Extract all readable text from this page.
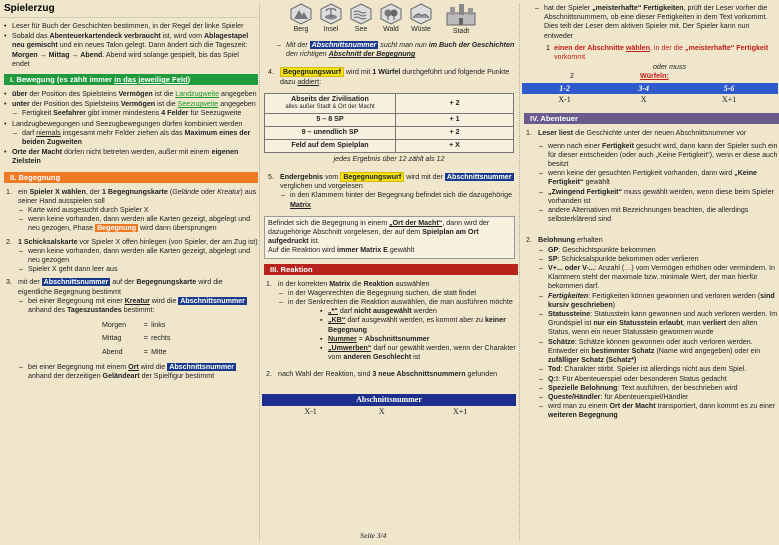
Spielerzug
• Leser für Buch der Geschichten bestimmen, in der Regel der linke Spieler
• Sobald das Abenteuerkartendeck verbraucht ist, wird vom Ablagestapel neu gemischt und ein neues Talon gelegt. Dann ändert sich die Tageszeit: Morgen → Mittag → Abend. Abend wird solange gespielt, bis das Spiel endet
I. Bewegung (es zählt immer in das jeweilige Feld)
• über der Position des Spielsteins Vermögen ist die Landzugweite angegeben
• unter der Position des Spielsteins Vermögen ist die Seezugweite angegeben
– Fertigkeit Seefahrer gibt immer mindestens 4 Felder für Seezugweite
• Landzugbewegungen und Seezugbewegungen dürfen kombiniert werden
– darf niemals insgesamt mehr Felder ziehen als das Maximum eines der beiden Zugweiten
• Orte der Macht dürfen nicht betreten werden, außer mit einem eigenen Zielstein
II. Begegnung
1. ein Spieler X wählen, der 1 Begegnungskarte (Gelände oder Kreatur) aus seiner Hand ausspielen soll
– Karte wird ausgesucht durch Spieler X
– wenn keine vorhanden, dann werden alle Karten gezeigt, abgelegt und neu gezogen, Phase Begegnung wird dann übersprungen
2. 1 Schicksalskarte vor Spieler X offen hinlegen (von Spieler, der am Zug ist)
– wenn keine vorhanden, dann werden alle Karten gezeigt, abgelegt und neu gezogen
– Spieler X geht dann leer aus
3. mit der Abschnittsnummer auf der Begegnungskarte wird die eigentliche Begegnung bestimmt
– bei einer Begegnung mit einer Kreatur wird die Abschnittsnummer anhand des Tageszustandes bestimmt:
Morgen	=	links
Mittag	=	rechts
Abend	=	Mitte
– bei einer Begegnung mit einem Ort wird die Abschnittsnummer anhand der derzeitigen Geländeart der Spielfigur bestimmt
Berg	Insel	See	Wald	Wüste	Stadt
– Mit der Abschnittsnummer sucht man nun im Buch der Geschichten den richtigen Abschnitt der Begegnung
4. Begegnungswurf wird mit 1 Würfel durchgeführt und folgende Punkte dazu addiert:
Abseits der Zivilisation
alles außer Stadt & Ort der Macht	+ 2
5 – 8 SP	+ 1
9 – unendlich SP	+ 2
Feld auf dem Spielplan	+ X
jedes Ergebnis über 12 zählt als 12
5. Endergebnis vom Begegnungswurf wird mit der Abschnittsnummer verglichen und vorgelesen
– in den Klammern hinter der Begegnung befindet sich die dazugehörige Matrix
Befindet sich die Begegnung in einem „Ort der Macht“, dann wird der dazugehörige Abschnitt vorgelesen, der auf dem Spielplan am Ort aufgedruckt ist.
Auf die Reaktion wird immer Matrix E gewählt
III. Reaktion
1. in der korrekten Matrix die Reaktion auswählen
– in der Wagenrechten die Begegnung suchen, die statt findet
– in der Senkrechten die Reaktion auswählen, die man ausführen möchte
▪ „*“ darf nicht ausgewählt werden
▪ „KB“ darf ausgewählt werden, es kommt aber zu keiner Begegnung
▪ Nummer = Abschnittsnummer
▪ „Umwerben“ darf nur gewählt werden, wenn der Charakter vom anderen Geschlecht ist
2. nach Wahl der Reaktion, sind 3 neue Abschnittsnummern gefunden
Abschnittsnummer
X-1	X	X+1
– hat der Spieler „meisterhafte“ Fertigkeiten, prüft der Leser vorher die Abschnittsnummern, ob eine dieser Fertigkeiten in dem Text vorkommt. Dies teilt der Leser dem aktiven Spieler mit. Der Spieler kann nun entweder
1 einen der Abschnitte wählen, in der die „meisterhafte“ Fertigkeit vorkommt
oder muss
2	Würfeln:
1-2	3-4	5-6
X-1	X	X+1
IV. Abenteuer
1. Leser liest die Geschichte unter der neuen Abschnittsnummer vor
– wenn nach einer Fertigkeit gesucht wird, dann kann der Spieler such ein für dieser entscheiden (oder auch „Keine Fertigkeit“), wenn er diese auch besitzt
– wenn keine der gesuchten Fertigkeit vorhanden, dann wird „Keine Fertigkeit“ gewählt
– „Zwingend Fertigkeit“ muss gewählt werden, wenn diese beim Spieler vorhanden ist
– andere Alternativen mit Bezeichnungen beachten, die allerdings selbsterklärend sind
2. Belohnung erhalten
– GP: Geschichtspunkte bekommen
– SP: Schicksalspunkte bekommen oder verlieren
– V+... oder V-...: Anzahl (…) vom Vermögen erhöhen oder vermindern. In Klammern steht der maximale bzw. minimale Wert, der man hierfür bekommen darf.
– Fertigkeiten: Fertigkeiten können gewonnen und verloren werden (sind kursiv geschrieben)
– Statussteine: Statusstein kann gewonnen und auch verloren werden. Im Grundspiel ist nur ein Statusstein erlaubt, man verliert den alten Status, wenn ein neuer Statusstein gewonnen wurde
– Schätze: Schätze können gewonnen oder auch verloren werden. Entweder ein bestimmter Schatz (Name wird angegeben) oder ein zufälliger Schatz (Schatz*)
– Tod: Charakter stirbt. Spieler ist allerdings nicht aus dem Spiel.
– Q:!: Für Abenteuerspiel oder besonderen Status gedacht
– Spezielle Belohnung: Text ausführen, der beschrieben wird
– Queste/Händler: für Abenteuerspiel/Händler
– wird man zu einem Ort der Macht transportiert, dann kommt es zu einer weiteren Begegnung
Seite 3/4
